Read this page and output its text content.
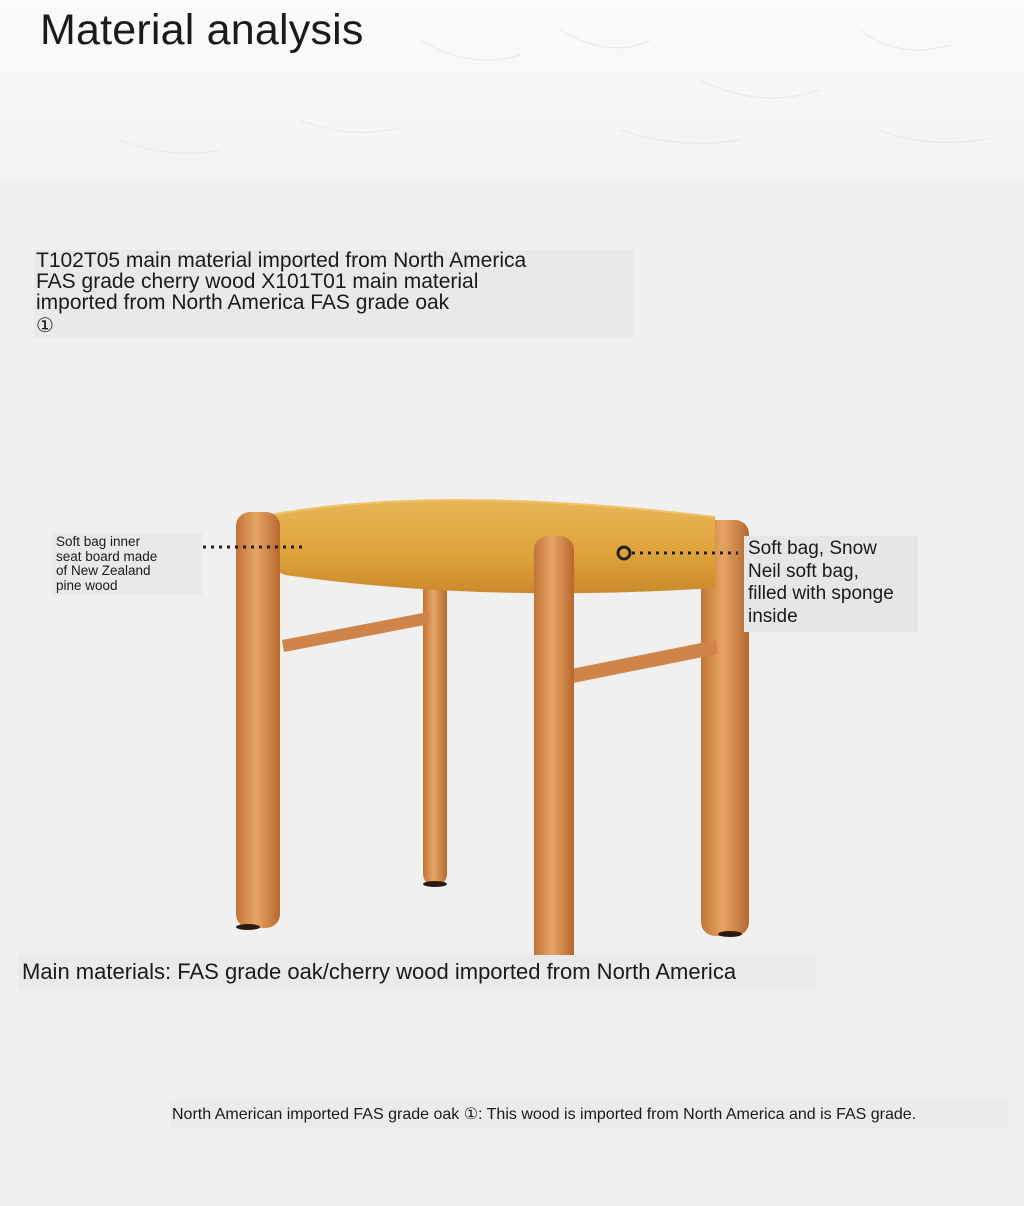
Material analysis

T102T05 main material imported from North America

FAS grade cherry wood X101T01 main material

imported from North America FAS grade oak

①
Soft bag inner
seat board made
of New Zealand
pine wood
Soft bag, Snow
Neil soft bag,
filled with sponge
inside
Main materials: FAS grade oak/cherry wood imported from North America
North American imported FAS grade oak ①: This wood is imported from North America and is FAS grade.
